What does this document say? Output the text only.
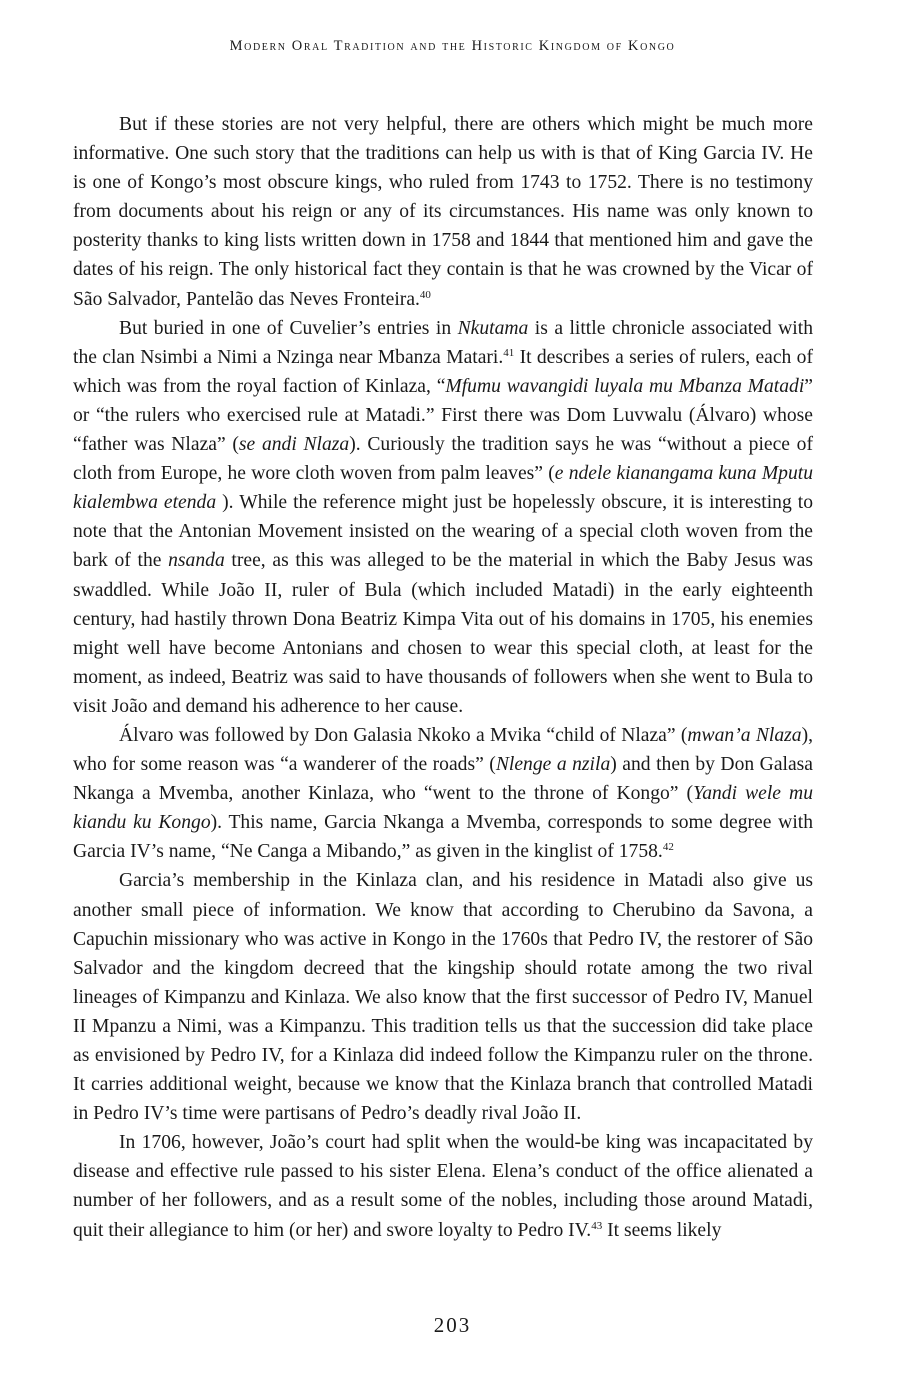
Modern Oral Tradition and the Historic Kingdom of Kongo

But if these stories are not very helpful, there are others which might be much more informative. One such story that the traditions can help us with is that of King Garcia IV. He is one of Kongo’s most obscure kings, who ruled from 1743 to 1752. There is no testimony from documents about his reign or any of its circumstances. His name was only known to posterity thanks to king lists written down in 1758 and 1844 that mentioned him and gave the dates of his reign. The only historical fact they contain is that he was crowned by the Vicar of São Salvador, Pantelão das Neves Fronteira.$^{40}$

But buried in one of Cuvelier’s entries in Nkutama is a little chronicle associated with the clan Nsimbi a Nimi a Nzinga near Mbanza Matari.$^{41}$ It describes a series of rulers, each of which was from the royal faction of Kinlaza, “Mfumu wavangidi luyala mu Mbanza Matadi” or “the rulers who exercised rule at Matadi.” First there was Dom Luvwalu (Álvaro) whose “father was Nlaza” (se andi Nlaza). Curiously the tradition says he was “without a piece of cloth from Europe, he wore cloth woven from palm leaves” (e ndele kianangama kuna Mputu kialembwa etenda ). While the reference might just be hopelessly obscure, it is interesting to note that the Antonian Movement insisted on the wearing of a special cloth woven from the bark of the nsanda tree, as this was alleged to be the material in which the Baby Jesus was swaddled. While João II, ruler of Bula (which included Matadi) in the early eighteenth century, had hastily thrown Dona Beatriz Kimpa Vita out of his domains in 1705, his enemies might well have become Antonians and chosen to wear this special cloth, at least for the moment, as indeed, Beatriz was said to have thousands of followers when she went to Bula to visit João and demand his adherence to her cause.

Álvaro was followed by Don Galasia Nkoko a Mvika “child of Nlaza” (mwan’a Nlaza), who for some reason was “a wanderer of the roads” (Nlenge a nzila) and then by Don Galasa Nkanga a Mvemba, another Kinlaza, who “went to the throne of Kongo” (Yandi wele mu kiandu ku Kongo). This name, Garcia Nkanga a Mvemba, corresponds to some degree with Garcia IV’s name, “Ne Canga a Mibando,” as given in the kinglist of 1758.42

Garcia’s membership in the Kinlaza clan, and his residence in Matadi also give us another small piece of information. We know that according to Cherubino da Savona, a Capuchin missionary who was active in Kongo in the 1760s that Pedro IV, the restorer of São Salvador and the kingdom decreed that the kingship should rotate among the two rival lineages of Kimpanzu and Kinlaza. We also know that the first successor of Pedro IV, Manuel II Mpanzu a Nimi, was a Kimpanzu. This tradition tells us that the succession did take place as envisioned by Pedro IV, for a Kinlaza did indeed follow the Kimpanzu ruler on the throne. It carries additional weight, because we know that the Kinlaza branch that controlled Matadi in Pedro IV’s time were partisans of Pedro’s deadly rival João II.

In 1706, however, João’s court had split when the would-be king was incapacitated by disease and effective rule passed to his sister Elena. Elena’s conduct of the office alienated a number of her followers, and as a result some of the nobles, including those around Matadi, quit their allegiance to him (or her) and swore loyalty to Pedro IV.$^{43}$ It seems likely

203
